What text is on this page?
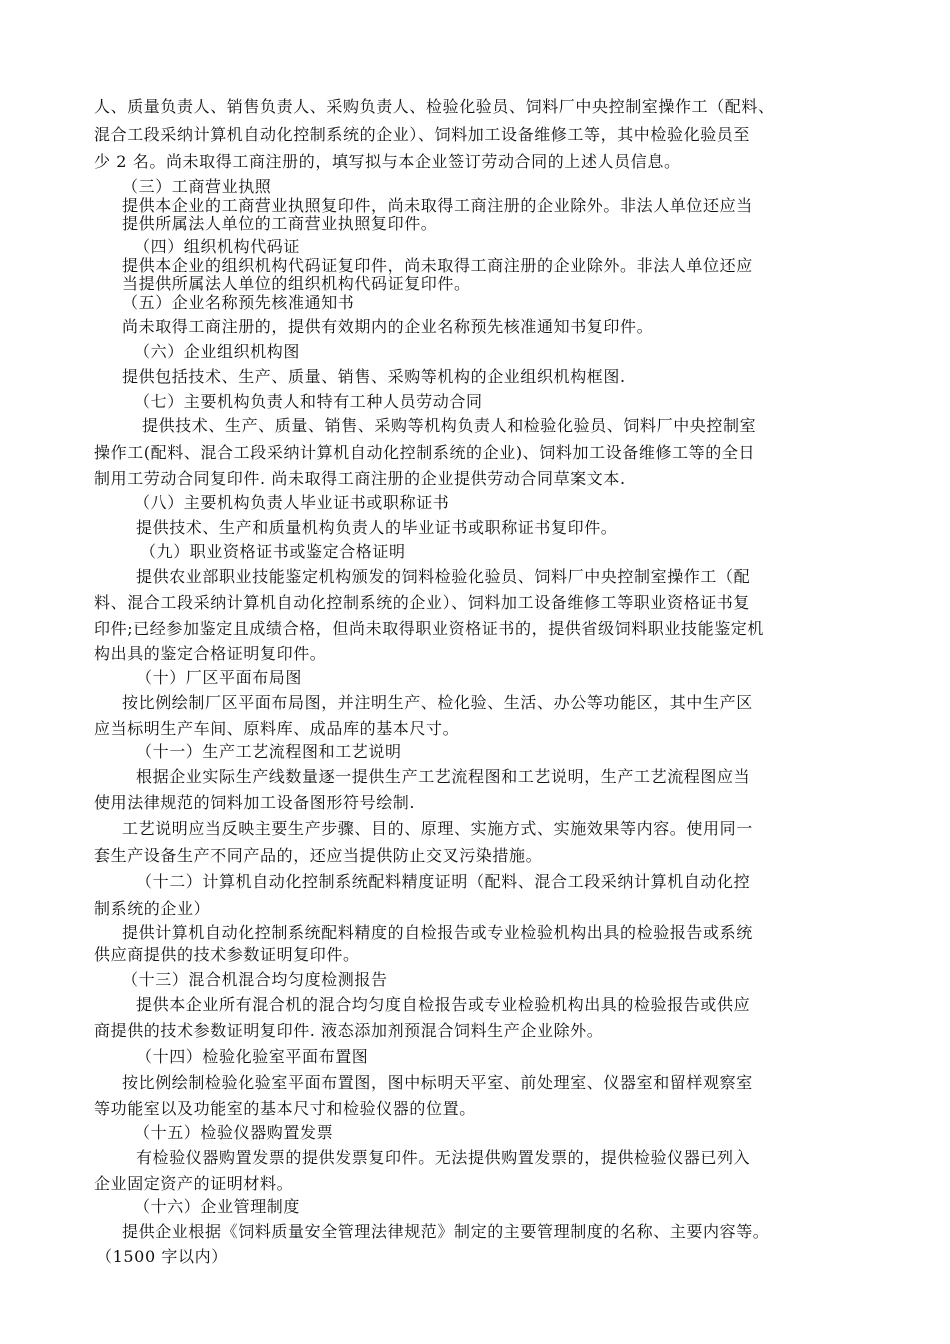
人、质量负责人、销售负责人、采购负责人、检验化验员、饲料厂中央控制室操作工（配料、
混合工段采纳计算机自动化控制系统的企业）、饲料加工设备维修工等，其中检验化验员至
少 2 名。尚未取得工商注册的，填写拟与本企业签订劳动合同的上述人员信息。
（三）工商营业执照
提供本企业的工商营业执照复印件，尚未取得工商注册的企业除外。非法人单位还应当
提供所属法人单位的工商营业执照复印件。
（四）组织机构代码证
提供本企业的组织机构代码证复印件，尚未取得工商注册的企业除外。非法人单位还应
当提供所属法人单位的组织机构代码证复印件。
（五）企业名称预先核准通知书
尚未取得工商注册的，提供有效期内的企业名称预先核准通知书复印件。
（六）企业组织机构图
提供包括技术、生产、质量、销售、采购等机构的企业组织机构框图.
（七）主要机构负责人和特有工种人员劳动合同
提供技术、生产、质量、销售、采购等机构负责人和检验化验员、饲料厂中央控制室
操作工(配料、混合工段采纳计算机自动化控制系统的企业)、饲料加工设备维修工等的全日
制用工劳动合同复印件. 尚未取得工商注册的企业提供劳动合同草案文本.
（八）主要机构负责人毕业证书或职称证书
提供技术、生产和质量机构负责人的毕业证书或职称证书复印件。
（九）职业资格证书或鉴定合格证明
提供农业部职业技能鉴定机构颁发的饲料检验化验员、饲料厂中央控制室操作工（配
料、混合工段采纳计算机自动化控制系统的企业）、饲料加工设备维修工等职业资格证书复
印件;已经参加鉴定且成绩合格，但尚未取得职业资格证书的，提供省级饲料职业技能鉴定机
构出具的鉴定合格证明复印件。
（十）厂区平面布局图
按比例绘制厂区平面布局图，并注明生产、检化验、生活、办公等功能区，其中生产区
应当标明生产车间、原料库、成品库的基本尺寸。
（十一）生产工艺流程图和工艺说明
根据企业实际生产线数量逐一提供生产工艺流程图和工艺说明，生产工艺流程图应当
使用法律规范的饲料加工设备图形符号绘制.
工艺说明应当反映主要生产步骤、目的、原理、实施方式、实施效果等内容。使用同一
套生产设备生产不同产品的，还应当提供防止交叉污染措施。
（十二）计算机自动化控制系统配料精度证明（配料、混合工段采纳计算机自动化控
制系统的企业）
提供计算机自动化控制系统配料精度的自检报告或专业检验机构出具的检验报告或系统
供应商提供的技术参数证明复印件。
（十三）混合机混合均匀度检测报告
提供本企业所有混合机的混合均匀度自检报告或专业检验机构出具的检验报告或供应
商提供的技术参数证明复印件. 液态添加剂预混合饲料生产企业除外。
（十四）检验化验室平面布置图
按比例绘制检验化验室平面布置图，图中标明天平室、前处理室、仪器室和留样观察室
等功能室以及功能室的基本尺寸和检验仪器的位置。
（十五）检验仪器购置发票
有检验仪器购置发票的提供发票复印件。无法提供购置发票的，提供检验仪器已列入
企业固定资产的证明材料。
（十六）企业管理制度
提供企业根据《饲料质量安全管理法律规范》制定的主要管理制度的名称、主要内容等。
（1500 字以内）
